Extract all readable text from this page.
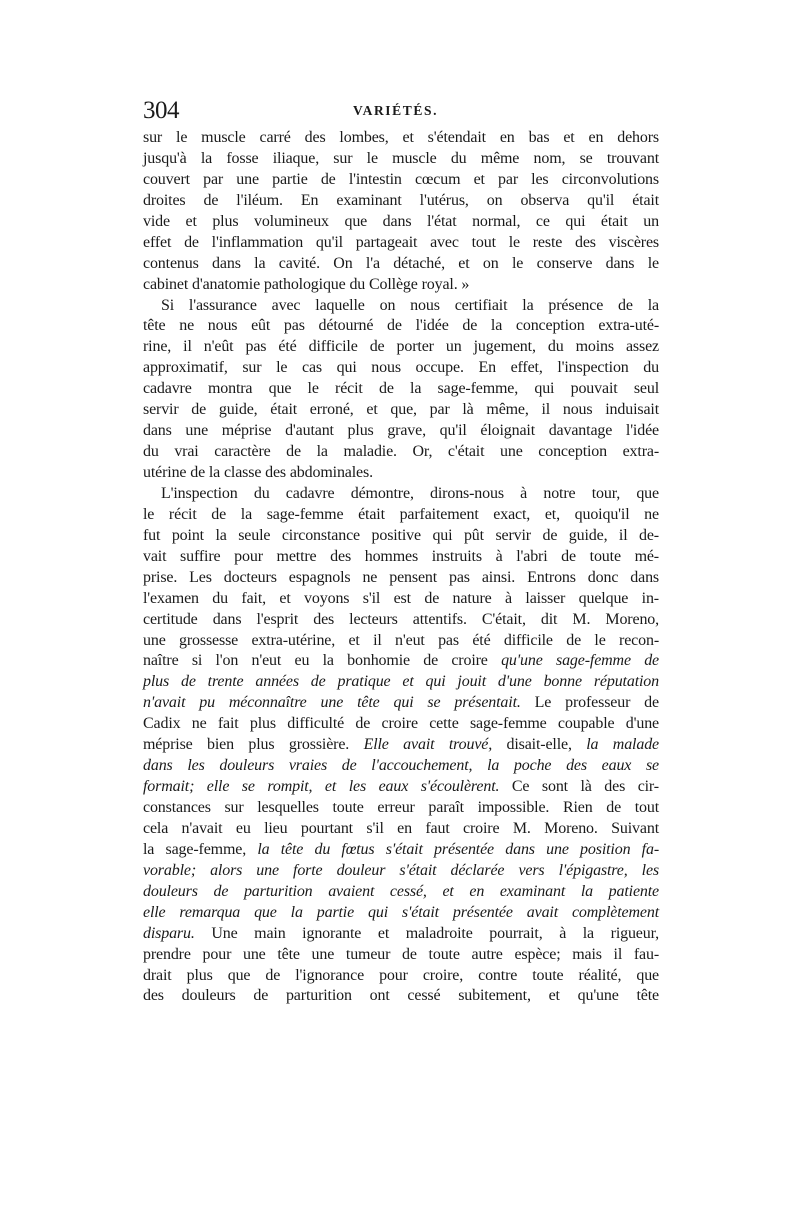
304	VARIÉTÉS.
sur le muscle carré des lombes, et s'étendait en bas et en dehors
jusqu'à la fosse iliaque, sur le muscle du même nom, se trouvant
couvert par une partie de l'intestin cœcum et par les circonvolutions
droites de l'iléum. En examinant l'utérus, on observa qu'il était
vide et plus volumineux que dans l'état normal, ce qui était un
effet de l'inflammation qu'il partageait avec tout le reste des viscères
contenus dans la cavité. On l'a détaché, et on le conserve dans le
cabinet d'anatomie pathologique du Collège royal. »
Si l'assurance avec laquelle on nous certifiait la présence de la
tête ne nous eût pas détourné de l'idée de la conception extra-uté-
rine, il n'eût pas été difficile de porter un jugement, du moins assez
approximatif, sur le cas qui nous occupe. En effet, l'inspection du
cadavre montra que le récit de la sage-femme, qui pouvait seul
servir de guide, était erroné, et que, par là même, il nous induisait
dans une méprise d'autant plus grave, qu'il éloignait davantage l'idée
du vrai caractère de la maladie. Or, c'était une conception extra-
utérine de la classe des abdominales.
L'inspection du cadavre démontre, dirons-nous à notre tour, que
le récit de la sage-femme était parfaitement exact, et, quoiqu'il ne
fut point la seule circonstance positive qui pût servir de guide, il de-
vait suffire pour mettre des hommes instruits à l'abri de toute mé-
prise. Les docteurs espagnols ne pensent pas ainsi. Entrons donc dans
l'examen du fait, et voyons s'il est de nature à laisser quelque in-
certitude dans l'esprit des lecteurs attentifs. C'était, dit M. Moreno,
une grossesse extra-utérine, et il n'eut pas été difficile de le recon-
naître si l'on n'eut eu la bonhomie de croire qu'une sage-femme de
plus de trente années de pratique et qui jouit d'une bonne réputation
n'avait pu méconnaître une tête qui se présentait. Le professeur de
Cadix ne fait plus difficulté de croire cette sage-femme coupable d'une
méprise bien plus grossière. Elle avait trouvé, disait-elle, la malade
dans les douleurs vraies de l'accouchement, la poche des eaux se
formait; elle se rompit, et les eaux s'écoulèrent. Ce sont là des cir-
constances sur lesquelles toute erreur paraît impossible. Rien de tout
cela n'avait eu lieu pourtant s'il en faut croire M. Moreno. Suivant
la sage-femme, la tête du fœtus s'était présentée dans une position fa-
vorable; alors une forte douleur s'était déclarée vers l'épigastre, les
douleurs de parturition avaient cessé, et en examinant la patiente
elle remarqua que la partie qui s'était présentée avait complètement
disparu. Une main ignorante et maladroite pourrait, à la rigueur,
prendre pour une tête une tumeur de toute autre espèce; mais il fau-
drait plus que de l'ignorance pour croire, contre toute réalité, que
des douleurs de parturition ont cessé subitement, et qu'une tête
